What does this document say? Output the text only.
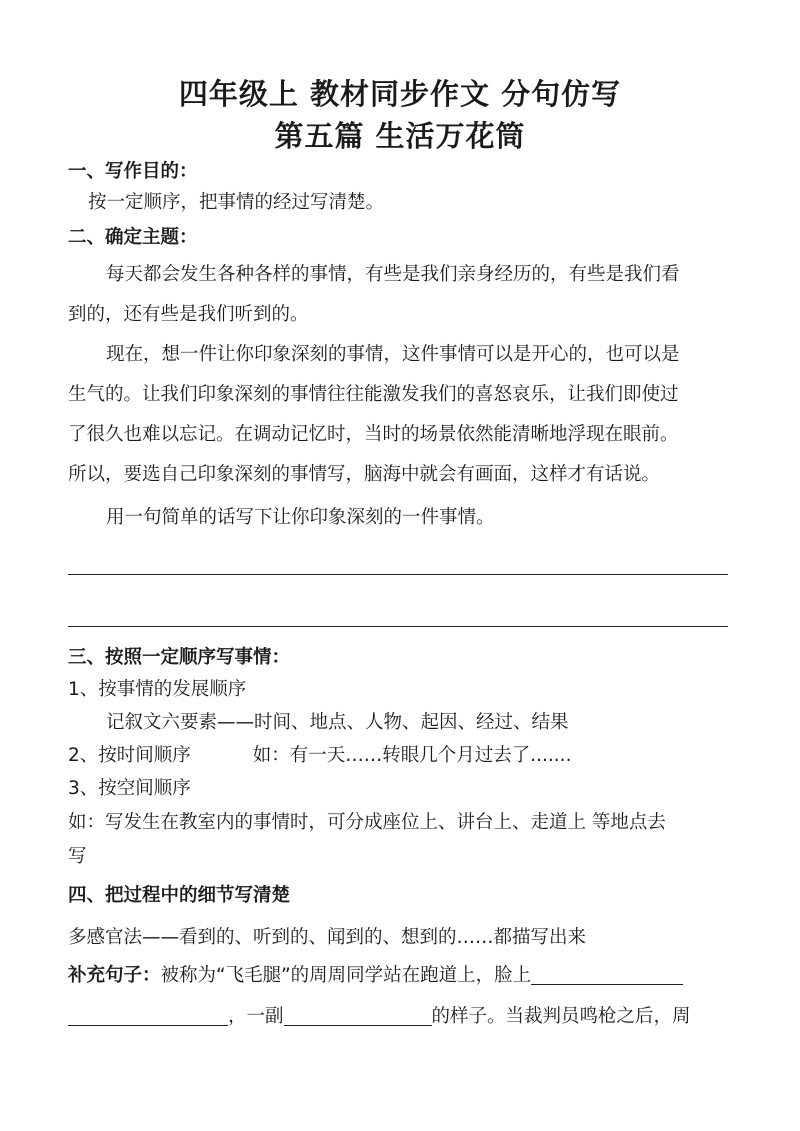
四年级上 教材同步作文 分句仿写
第五篇 生活万花筒
一、写作目的：
按一定顺序，把事情的经过写清楚。
二、确定主题：
每天都会发生各种各样的事情，有些是我们亲身经历的，有些是我们看
到的，还有些是我们听到的。
现在，想一件让你印象深刻的事情，这件事情可以是开心的，也可以是
生气的。让我们印象深刻的事情往往能激发我们的喜怒哀乐，让我们即使过
了很久也难以忘记。在调动记忆时，当时的场景依然能清晰地浮现在眼前。
所以，要选自己印象深刻的事情写，脑海中就会有画面，这样才有话说。
用一句简单的话写下让你印象深刻的一件事情。
三、按照一定顺序写事情：
1、按事情的发展顺序
记叙文六要素——时间、地点、人物、起因、经过、结果
2、按时间顺序	如：有一天……转眼几个月过去了.......
3、按空间顺序
如：写发生在教室内的事情时，可分成座位上、讲台上、走道上 等地点去
写
四、把过程中的细节写清楚
多感官法——看到的、听到的、闻到的、想到的……都描写出来
补充句子：被称为“飞毛腿”的周周同学站在跑道上，脸上
，一副	的样子。当裁判员鸣枪之后，周
